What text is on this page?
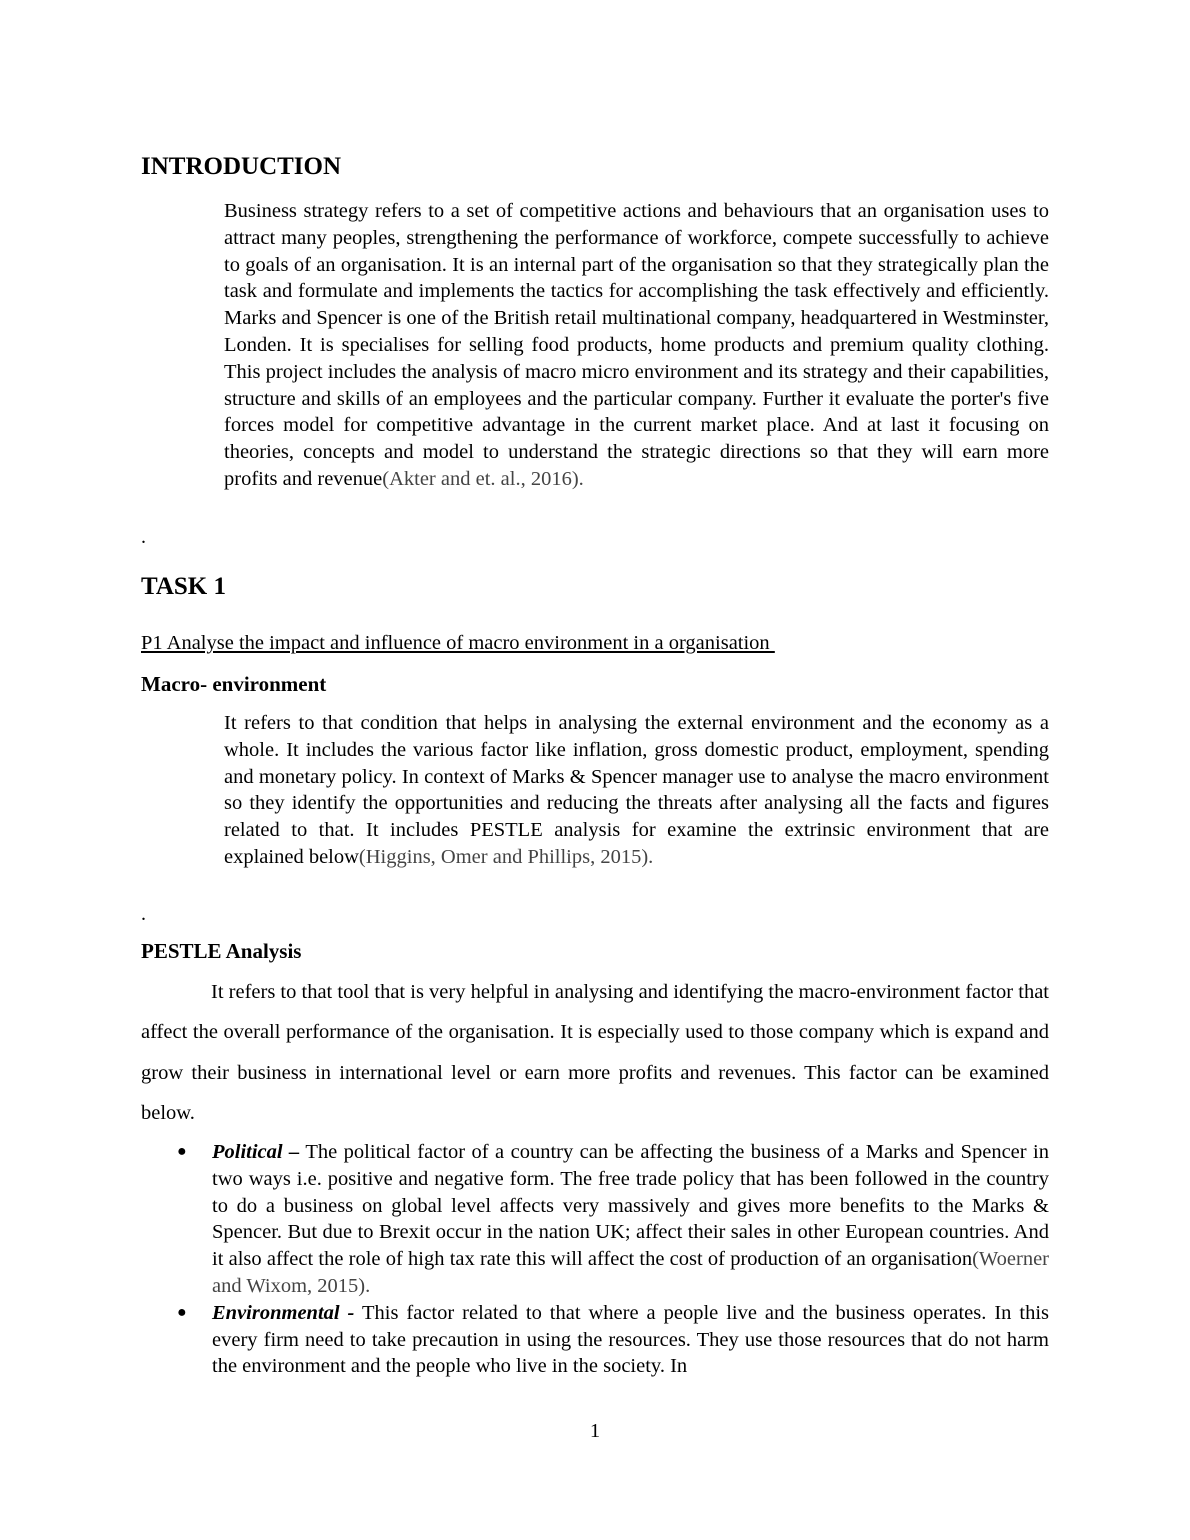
INTRODUCTION

Business strategy refers to a set of competitive actions and behaviours that an organisation uses to attract many peoples, strengthening the performance of workforce, compete successfully to achieve to goals of an organisation. It is an internal part of the organisation so that they strategically plan the task and formulate and implements the tactics for accomplishing the task effectively and efficiently. Marks and Spencer is one of the British retail multinational company, headquartered in Westminster, Londen. It is specialises for selling food products, home products and premium quality clothing. This project includes the analysis of macro micro environment and its strategy and their capabilities, structure and skills of an employees and the particular company. Further it evaluate the porter's five forces model for competitive advantage in the current market place. And at last it focusing on theories, concepts and model to understand the strategic directions so that they will earn more profits and revenue(Akter and et. al., 2016).

.
TASK 1
P1 Analyse the impact and influence of macro environment in a organisation
Macro- environment

It refers to that condition that helps in analysing the external environment and the economy as a whole. It includes the various factor like inflation, gross domestic product, employment, spending and monetary policy. In context of Marks & Spencer manager use to analyse the macro environment so they identify the opportunities and reducing the threats after analysing all the facts and figures related to that. It includes PESTLE analysis for examine the extrinsic environment that are explained below(Higgins, Omer and Phillips, 2015).

.
PESTLE Analysis

It refers to that tool that is very helpful in analysing and identifying the macro-environment factor that affect the overall performance of the organisation. It is especially used to those company which is expand and grow their business in international level or earn more profits and revenues. This factor can be examined below.

● Political – The political factor of a country can be affecting the business of a Marks and Spencer in two ways i.e. positive and negative form. The free trade policy that has been followed in the country to do a business on global level affects very massively and gives more benefits to the Marks & Spencer. But due to Brexit occur in the nation UK; affect their sales in other European countries. And it also affect the role of high tax rate this will affect the cost of production of an organisation(Woerner and Wixom, 2015).
● Environmental - This factor related to that where a people live and the business operates. In this every firm need to take precaution in using the resources. They use those resources that do not harm the environment and the people who live in the society. In
1
